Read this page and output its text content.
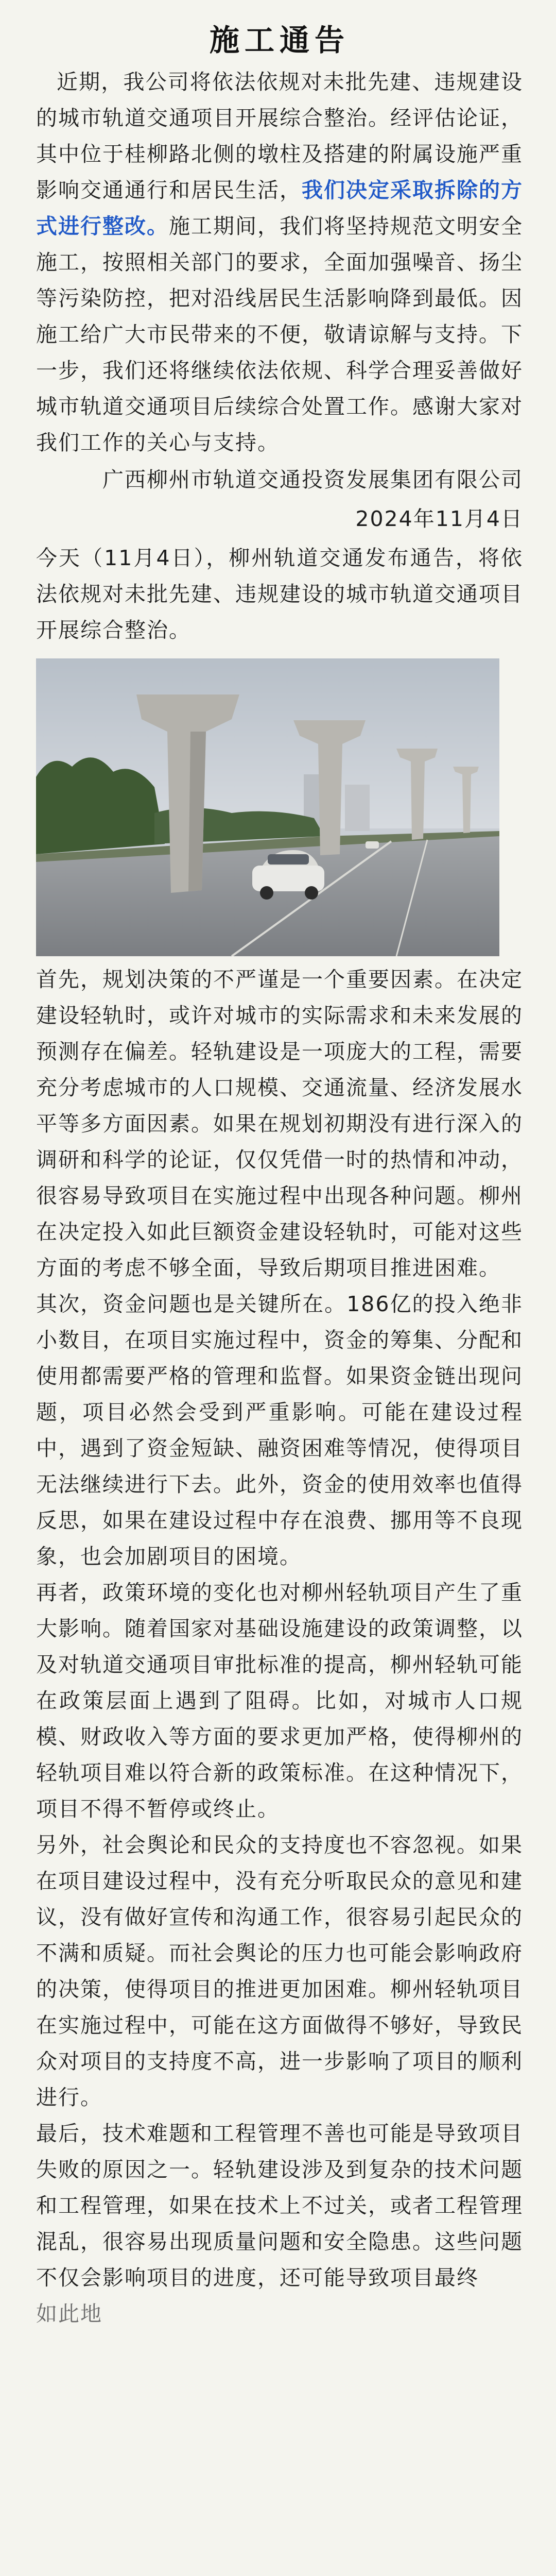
施工通告

近期，我公司将依法依规对未批先建、违规建设的城市轨道交通项目开展综合整治。经评估论证，其中位于桂柳路北侧的墩柱及搭建的附属设施严重影响交通通行和居民生活，我们决定采取拆除的方式进行整改。施工期间，我们将坚持规范文明安全施工，按照相关部门的要求，全面加强噪音、扬尘等污染防控，把对沿线居民生活影响降到最低。因施工给广大市民带来的不便，敬请谅解与支持。下一步，我们还将继续依法依规、科学合理妥善做好城市轨道交通项目后续综合处置工作。感谢大家对我们工作的关心与支持。

广西柳州市轨道交通投资发展集团有限公司

2024年11月4日

今天（11月4日），柳州轨道交通发布通告，将依法依规对未批先建、违规建设的城市轨道交通项目开展综合整治。

首先，规划决策的不严谨是一个重要因素。在决定建设轻轨时，或许对城市的实际需求和未来发展的预测存在偏差。轻轨建设是一项庞大的工程，需要充分考虑城市的人口规模、交通流量、经济发展水平等多方面因素。如果在规划初期没有进行深入的调研和科学的论证，仅仅凭借一时的热情和冲动，很容易导致项目在实施过程中出现各种问题。柳州在决定投入如此巨额资金建设轻轨时，可能对这些方面的考虑不够全面，导致后期项目推进困难。

其次，资金问题也是关键所在。186亿的投入绝非小数目，在项目实施过程中，资金的筹集、分配和使用都需要严格的管理和监督。如果资金链出现问题，项目必然会受到严重影响。可能在建设过程中，遇到了资金短缺、融资困难等情况，使得项目无法继续进行下去。此外，资金的使用效率也值得反思，如果在建设过程中存在浪费、挪用等不良现象，也会加剧项目的困境。

再者，政策环境的变化也对柳州轻轨项目产生了重大影响。随着国家对基础设施建设的政策调整，以及对轨道交通项目审批标准的提高，柳州轻轨可能在政策层面上遇到了阻碍。比如，对城市人口规模、财政收入等方面的要求更加严格，使得柳州的轻轨项目难以符合新的政策标准。在这种情况下，项目不得不暂停或终止。

另外，社会舆论和民众的支持度也不容忽视。如果在项目建设过程中，没有充分听取民众的意见和建议，没有做好宣传和沟通工作，很容易引起民众的不满和质疑。而社会舆论的压力也可能会影响政府的决策，使得项目的推进更加困难。柳州轻轨项目在实施过程中，可能在这方面做得不够好，导致民众对项目的支持度不高，进一步影响了项目的顺利进行。

最后，技术难题和工程管理不善也可能是导致项目失败的原因之一。轻轨建设涉及到复杂的技术问题和工程管理，如果在技术上不过关，或者工程管理混乱，很容易出现质量问题和安全隐患。这些问题不仅会影响项目的进度，还可能导致项目最终

如此地
